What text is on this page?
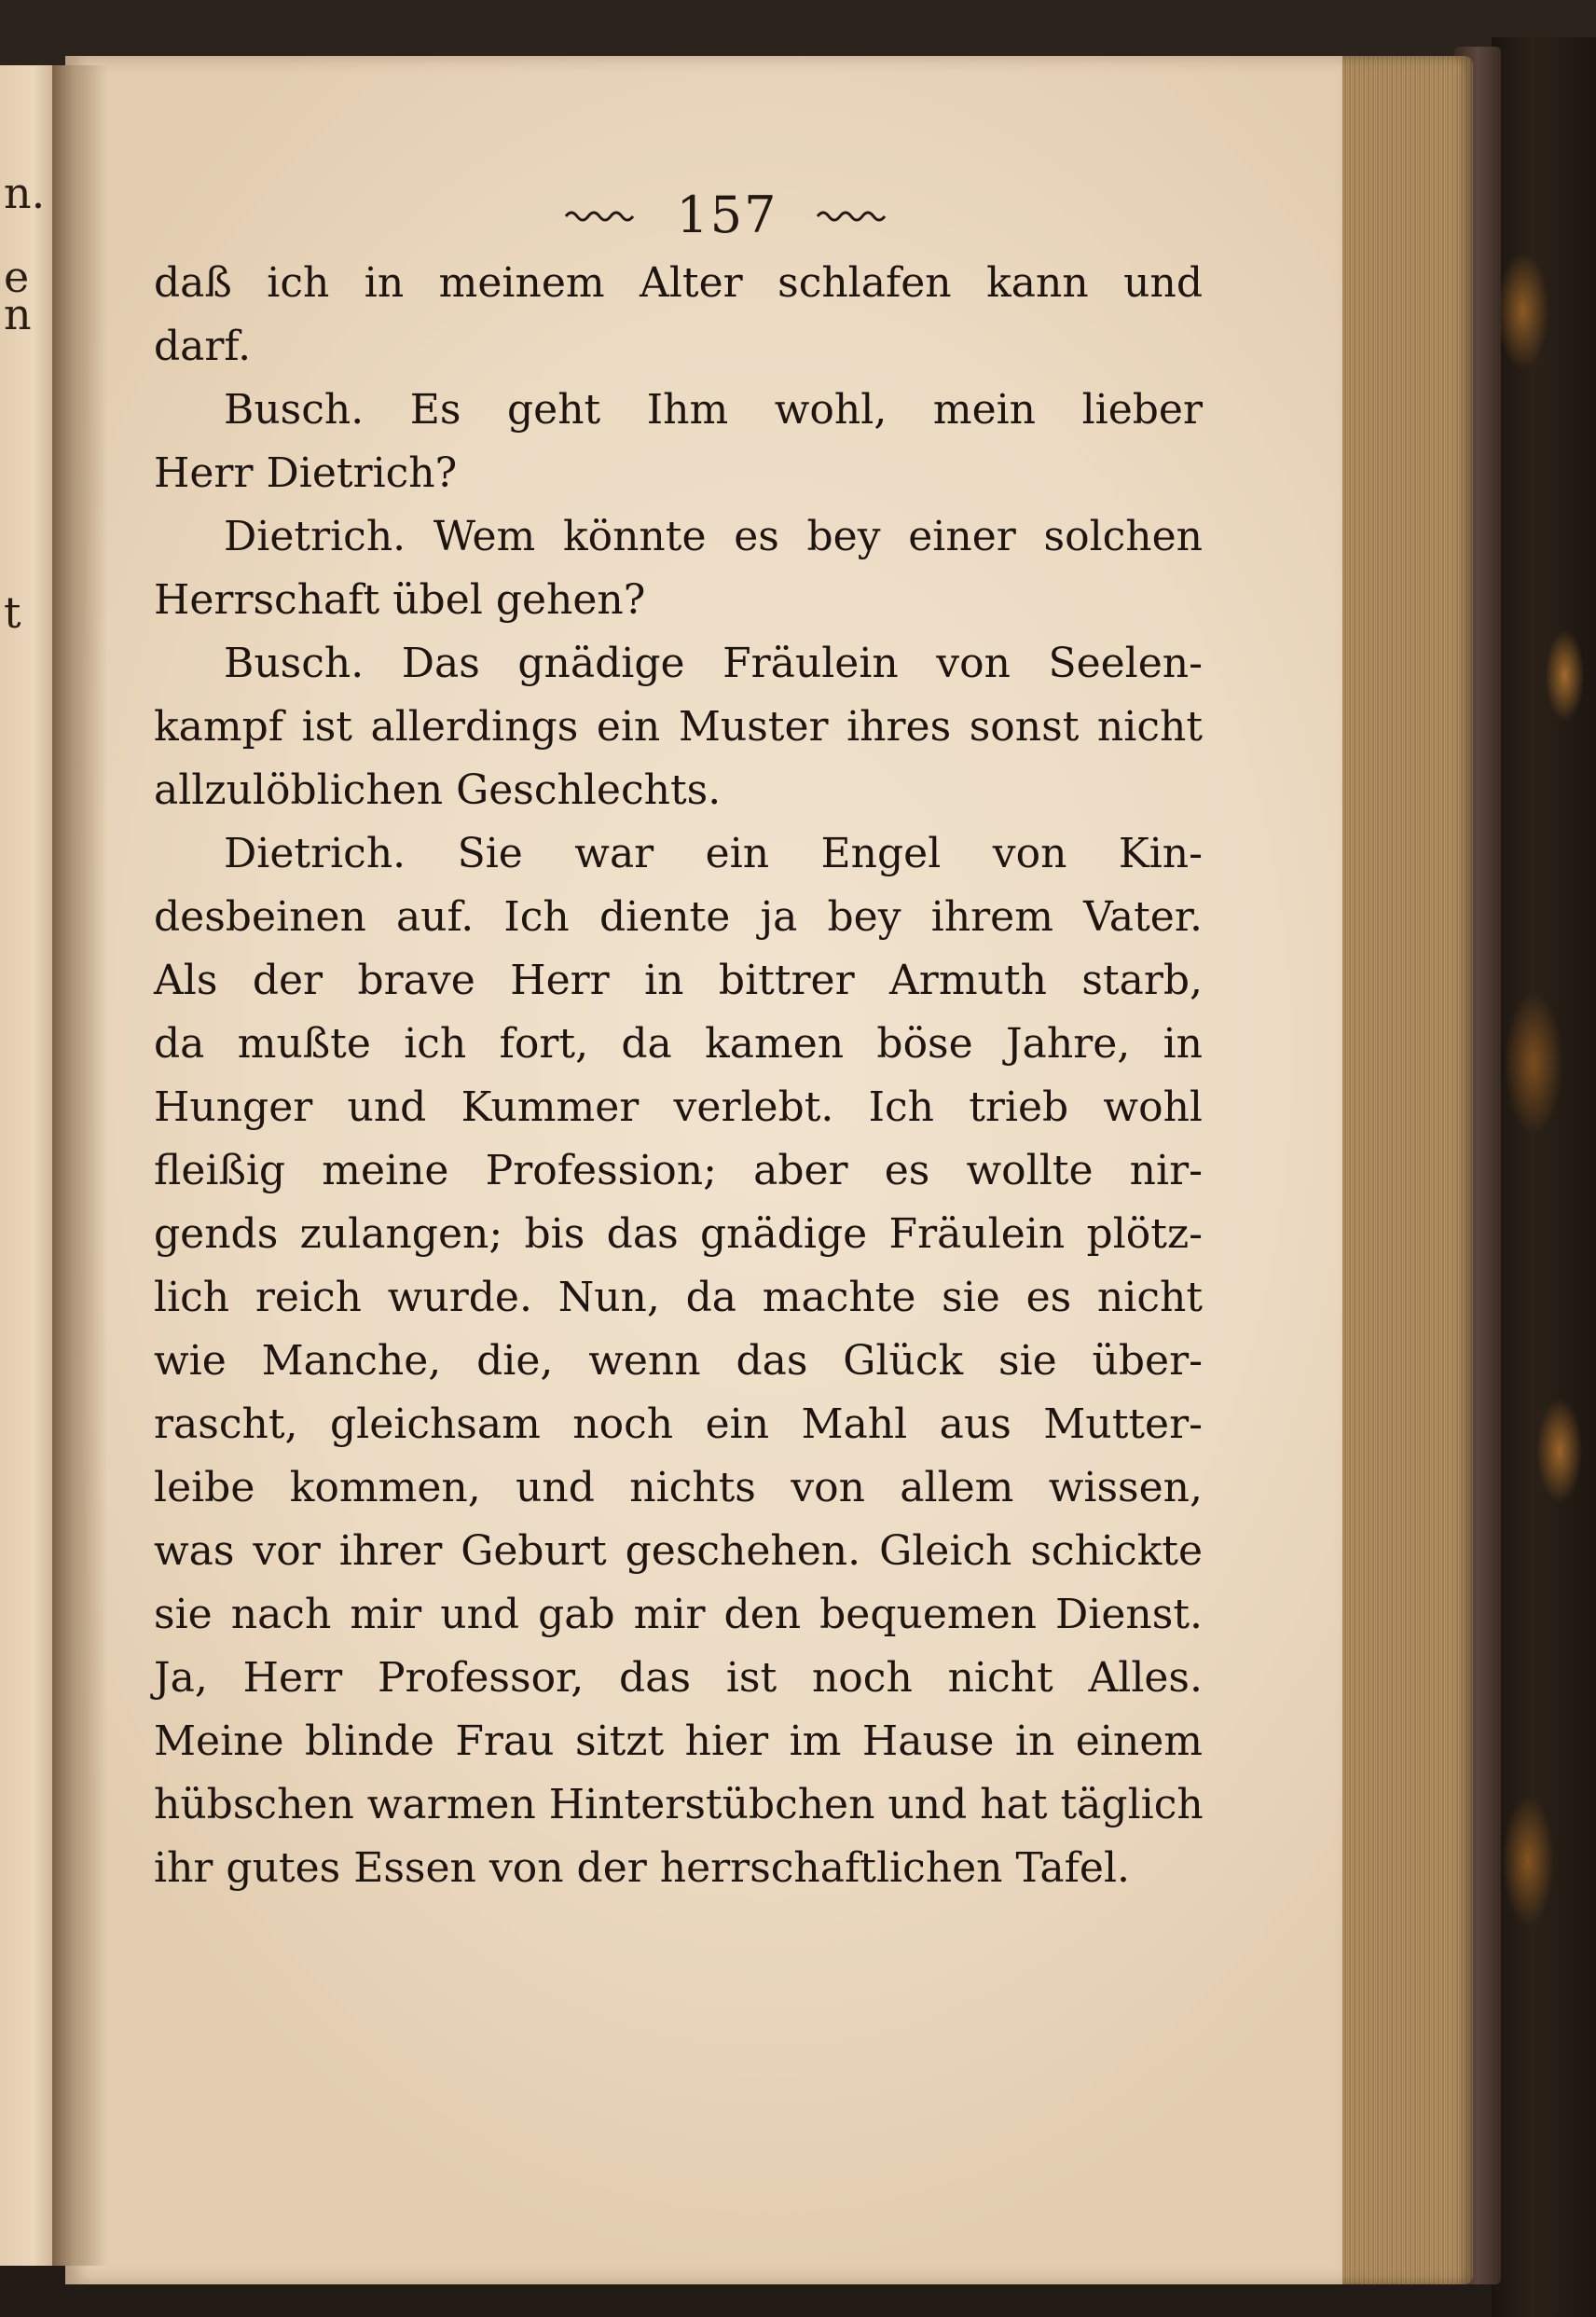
n.
e
n
t
157
daß ich in meinem Alter schlafen kann und
darf.
Busch. Es geht Ihm wohl, mein lieber
Herr Dietrich?
Dietrich. Wem könnte es bey einer solchen
Herrschaft übel gehen?
Busch. Das gnädige Fräulein von Seelen-
kampf ist allerdings ein Muster ihres sonst nicht
allzulöblichen Geschlechts.
Dietrich. Sie war ein Engel von Kin-
desbeinen auf. Ich diente ja bey ihrem Vater.
Als der brave Herr in bittrer Armuth starb,
da mußte ich fort, da kamen böse Jahre, in
Hunger und Kummer verlebt. Ich trieb wohl
fleißig meine Profession; aber es wollte nir-
gends zulangen; bis das gnädige Fräulein plötz-
lich reich wurde. Nun, da machte sie es nicht
wie Manche, die, wenn das Glück sie über-
rascht, gleichsam noch ein Mahl aus Mutter-
leibe kommen, und nichts von allem wissen,
was vor ihrer Geburt geschehen. Gleich schickte
sie nach mir und gab mir den bequemen Dienst.
Ja, Herr Professor, das ist noch nicht Alles.
Meine blinde Frau sitzt hier im Hause in einem
hübschen warmen Hinterstübchen und hat täglich
ihr gutes Essen von der herrschaftlichen Tafel.
